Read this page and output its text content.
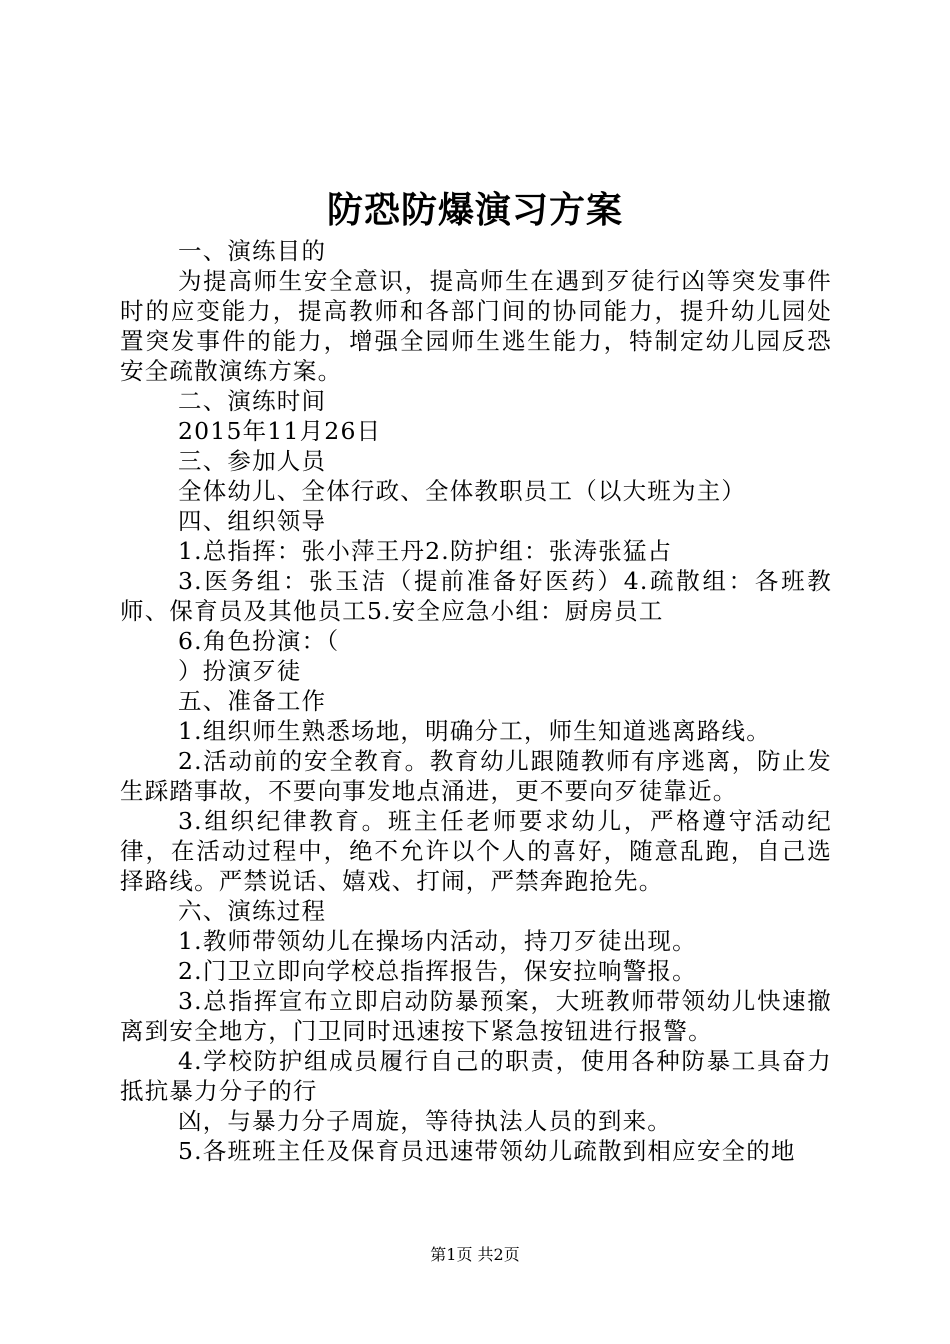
防恐防爆演习方案

一、演练目的

为提高师生安全意识，提高师生在遇到歹徒行凶等突发事件时的应变能力，提高教师和各部门间的协同能力，提升幼儿园处置突发事件的能力，增强全园师生逃生能力，特制定幼儿园反恐安全疏散演练方案。

二、演练时间

2015年11月26日

三、参加人员

全体幼儿、全体行政、全体教职员工（以大班为主）

四、组织领导

1.总指挥：张小萍王丹2.防护组：张涛张猛占

3.医务组：张玉洁（提前准备好医药）4.疏散组：各班教师、保育员及其他员工5.安全应急小组：厨房员工

6.角色扮演：（

）扮演歹徒

五、准备工作

1.组织师生熟悉场地，明确分工，师生知道逃离路线。

2.活动前的安全教育。教育幼儿跟随教师有序逃离，防止发生踩踏事故，不要向事发地点涌进，更不要向歹徒靠近。

3.组织纪律教育。班主任老师要求幼儿，严格遵守活动纪律，在活动过程中，绝不允许以个人的喜好，随意乱跑，自己选择路线。严禁说话、嬉戏、打闹，严禁奔跑抢先。

六、演练过程

1.教师带领幼儿在操场内活动，持刀歹徒出现。

2.门卫立即向学校总指挥报告，保安拉响警报。

3.总指挥宣布立即启动防暴预案，大班教师带领幼儿快速撤离到安全地方，门卫同时迅速按下紧急按钮进行报警。

4.学校防护组成员履行自己的职责，使用各种防暴工具奋力抵抗暴力分子的行

凶，与暴力分子周旋，等待执法人员的到来。

5.各班班主任及保育员迅速带领幼儿疏散到相应安全的地

第1页 共2页
